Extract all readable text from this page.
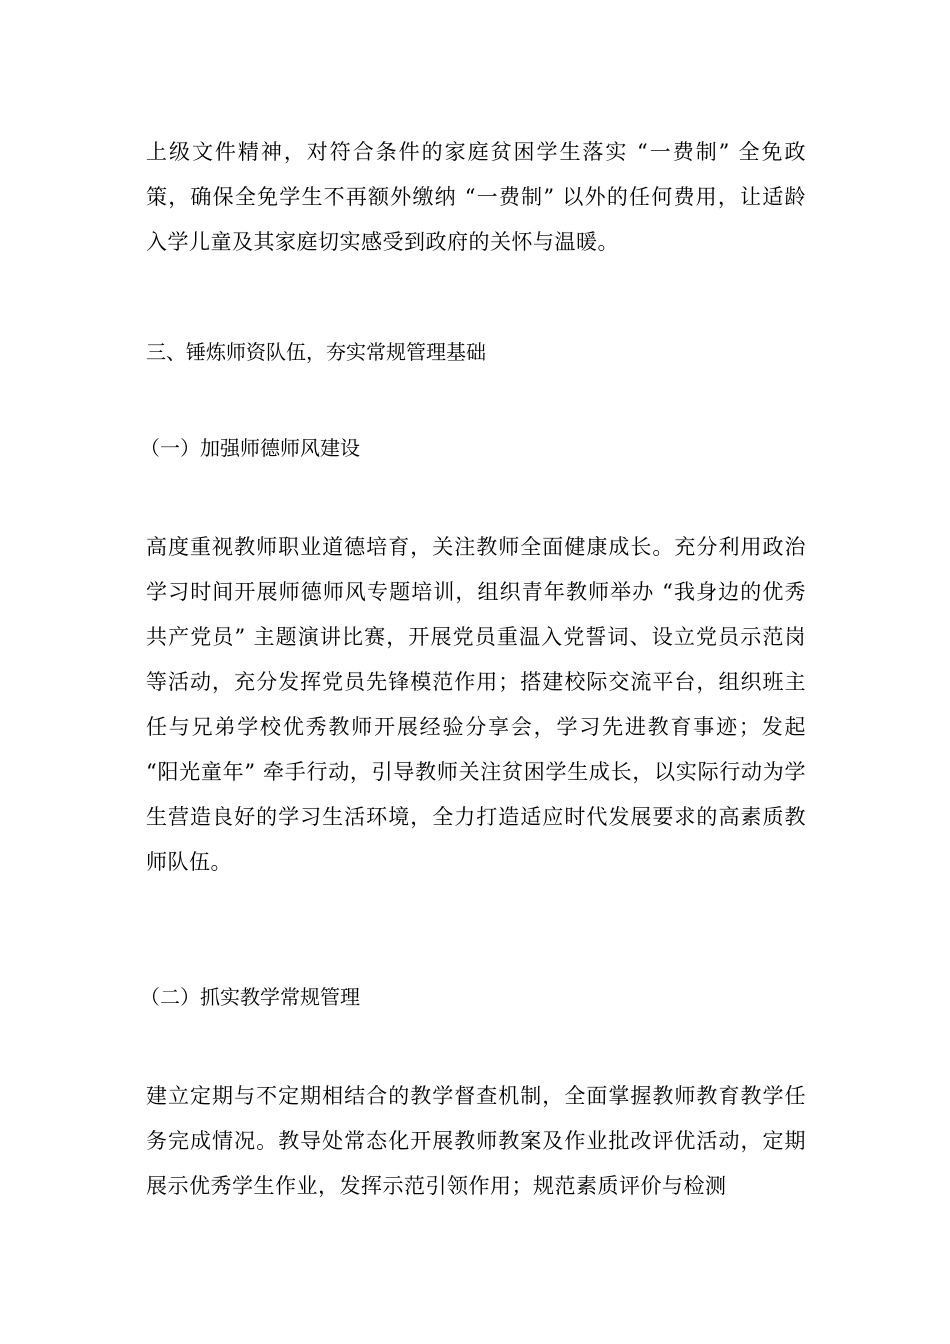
上级文件精神，对符合条件的家庭贫困学生落实 “一费制” 全免政策，确保全免学生不再额外缴纳 “一费制” 以外的任何费用，让适龄入学儿童及其家庭切实感受到政府的关怀与温暖。

三、锤炼师资队伍，夯实常规管理基础
（一）加强师德师风建设

高度重视教师职业道德培育，关注教师全面健康成长。充分利用政治学习时间开展师德师风专题培训，组织青年教师举办 “我身边的优秀共产党员” 主题演讲比赛，开展党员重温入党誓词、设立党员示范岗等活动，充分发挥党员先锋模范作用；搭建校际交流平台，组织班主任与兄弟学校优秀教师开展经验分享会，学习先进教育事迹；发起 “阳光童年” 牵手行动，引导教师关注贫困学生成长，以实际行动为学生营造良好的学习生活环境，全力打造适应时代发展要求的高素质教师队伍。

（二）抓实教学常规管理

建立定期与不定期相结合的教学督查机制，全面掌握教师教育教学任务完成情况。教导处常态化开展教师教案及作业批改评优活动，定期展示优秀学生作业，发挥示范引领作用；规范素质评价与检测
